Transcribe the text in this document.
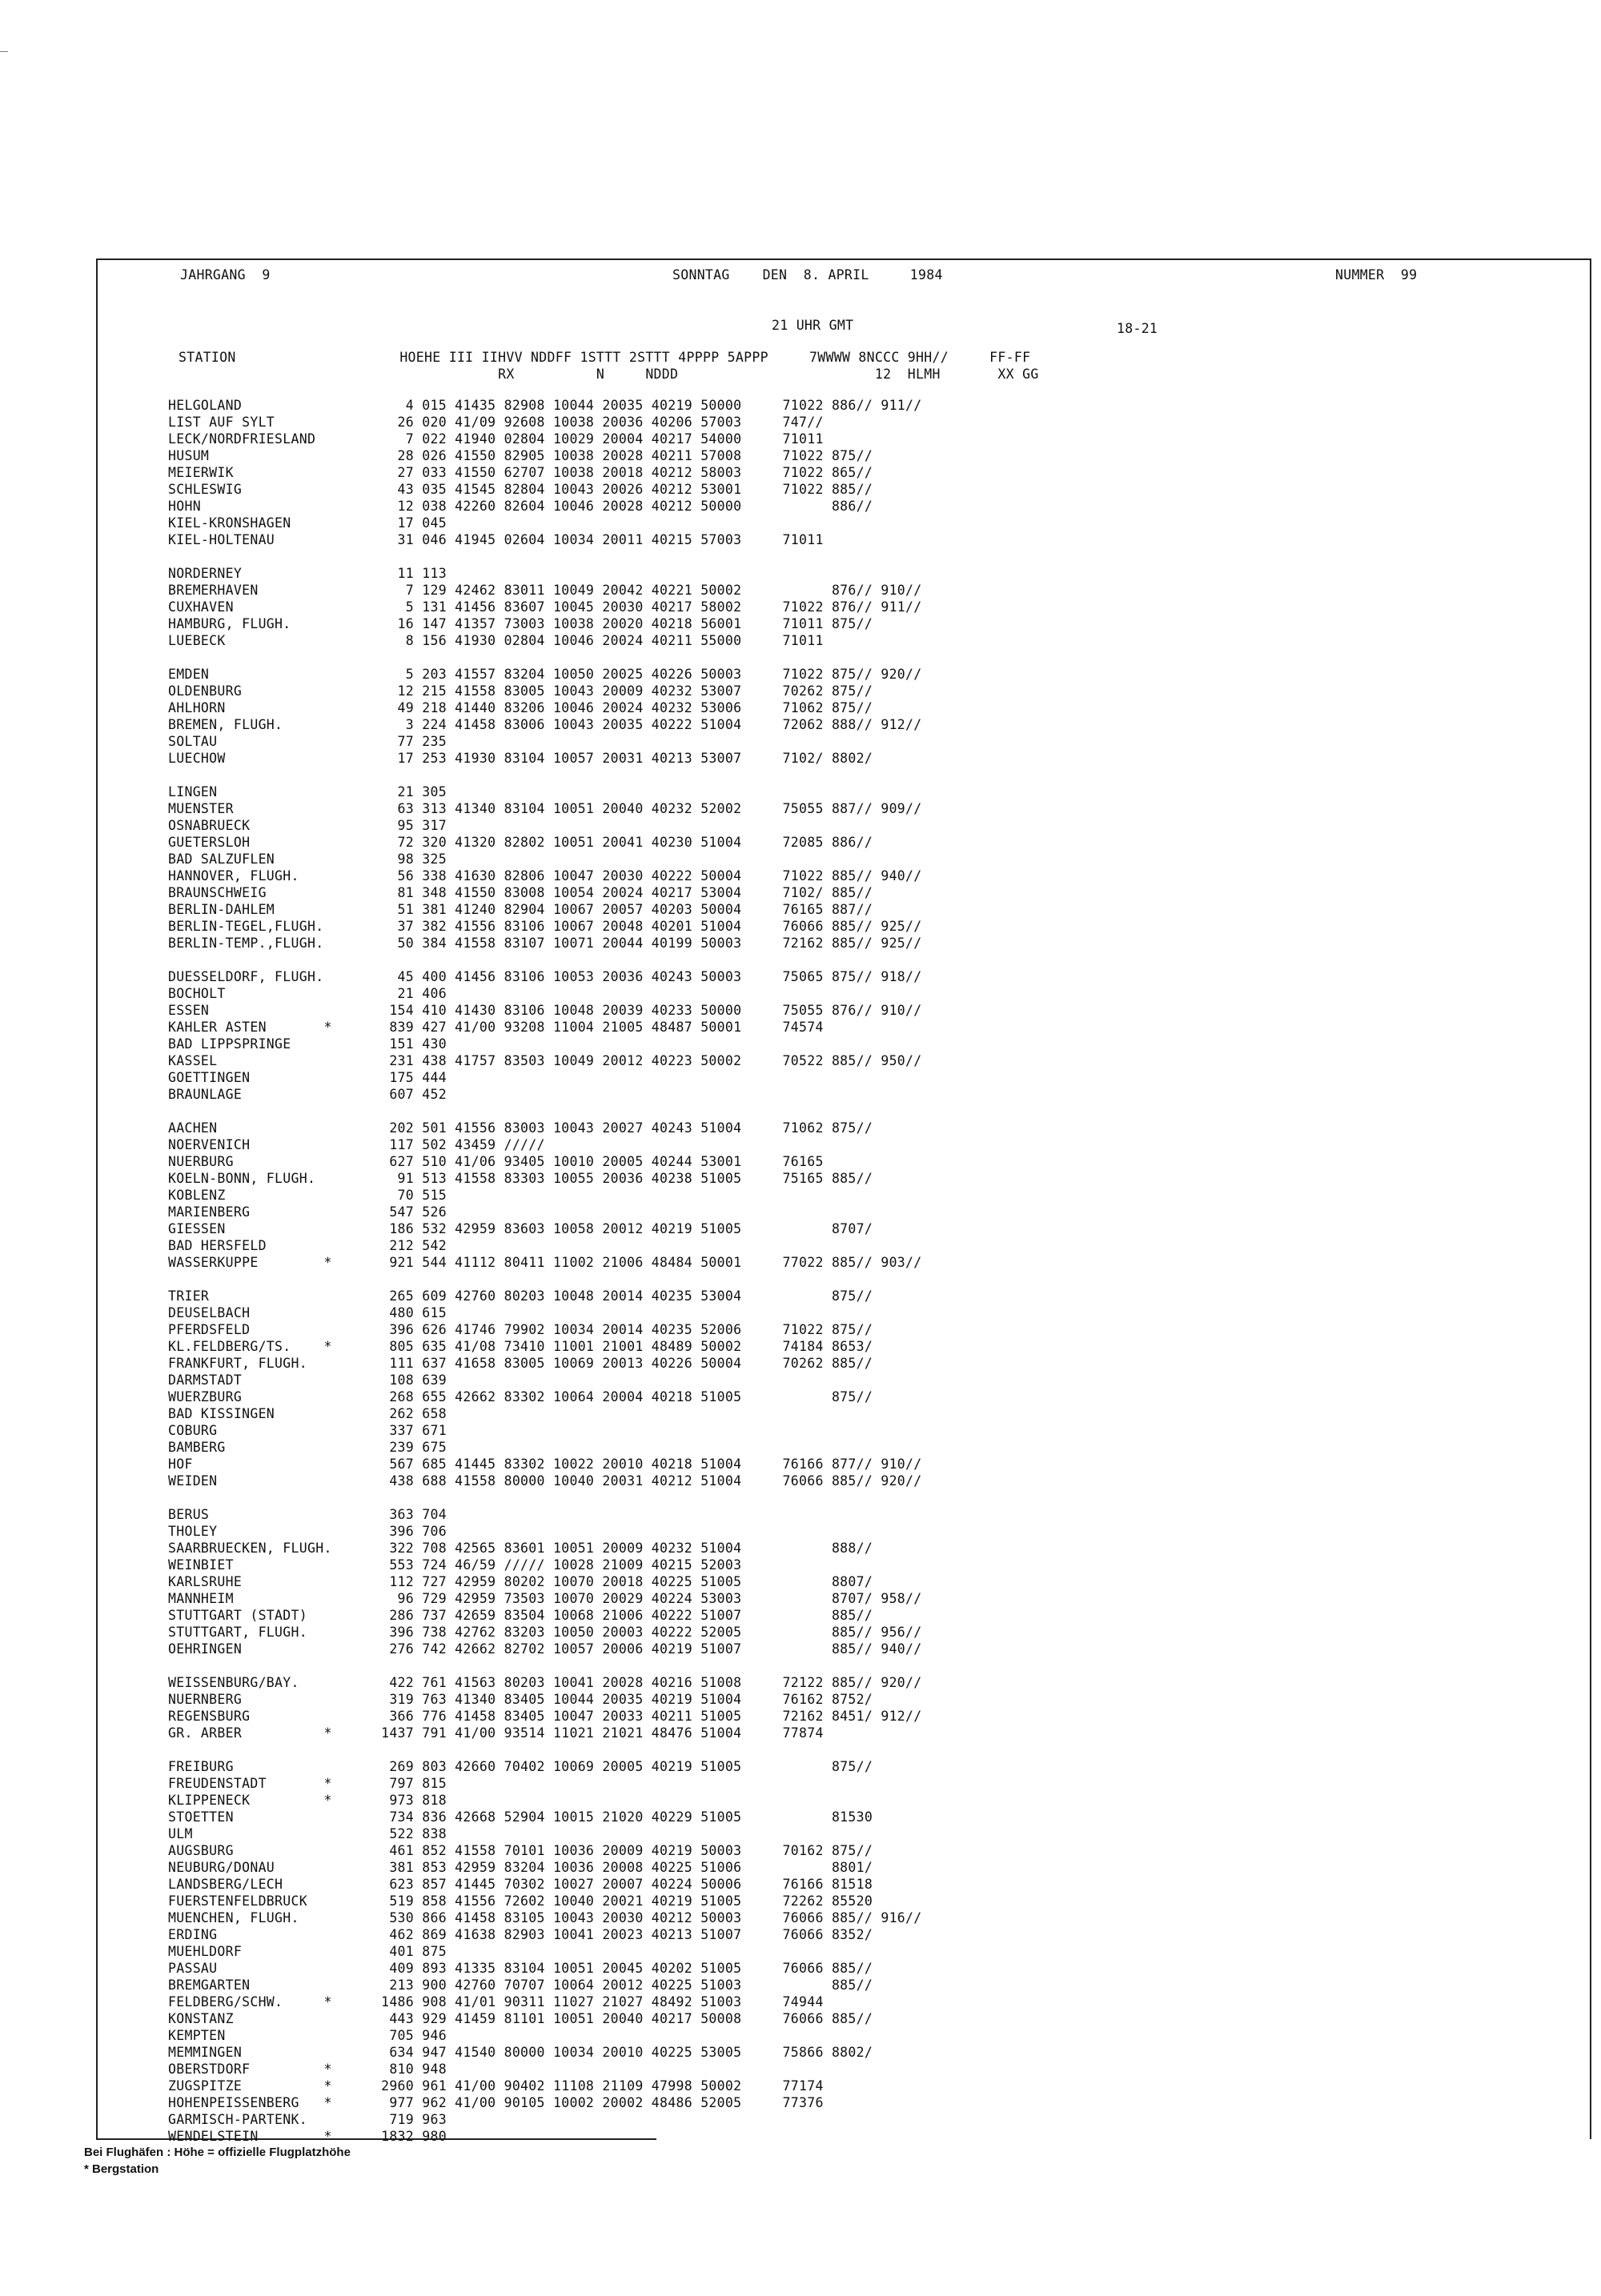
JAHRGANG  9	SONNTAG    DEN  8. APRIL     1984	NUMMER  99
21 UHR GMT	18-21
STATION                    HOEHE III IIHVV NDDFF 1STTT 2STTT 4PPPP 5APPP     7WWWW 8NCCC 9HH//     FF-FF
RX          N     NDDD                        12  HLMH       XX GG
HELGOLAND                    4 015 41435 82908 10044 20035 40219 50000     71022 886// 911//
LIST AUF SYLT               26 020 41/09 92608 10038 20036 40206 57003     747//
LECK/NORDFRIESLAND           7 022 41940 02804 10029 20004 40217 54000     71011
HUSUM                       28 026 41550 82905 10038 20028 40211 57008     71022 875//
MEIERWIK                    27 033 41550 62707 10038 20018 40212 58003     71022 865//
SCHLESWIG                   43 035 41545 82804 10043 20026 40212 53001     71022 885//
HOHN                        12 038 42260 82604 10046 20028 40212 50000           886//
KIEL-KRONSHAGEN             17 045
KIEL-HOLTENAU               31 046 41945 02604 10034 20011 40215 57003     71011
NORDERNEY                   11 113
BREMERHAVEN                  7 129 42462 83011 10049 20042 40221 50002           876// 910//
CUXHAVEN                     5 131 41456 83607 10045 20030 40217 58002     71022 876// 911//
HAMBURG, FLUGH.             16 147 41357 73003 10038 20020 40218 56001     71011 875//
LUEBECK                      8 156 41930 02804 10046 20024 40211 55000     71011
EMDEN                        5 203 41557 83204 10050 20025 40226 50003     71022 875// 920//
OLDENBURG                   12 215 41558 83005 10043 20009 40232 53007     70262 875//
AHLHORN                     49 218 41440 83206 10046 20024 40232 53006     71062 875//
BREMEN, FLUGH.               3 224 41458 83006 10043 20035 40222 51004     72062 888// 912//
SOLTAU                      77 235
LUECHOW                     17 253 41930 83104 10057 20031 40213 53007     7102/ 8802/
LINGEN                      21 305
MUENSTER                    63 313 41340 83104 10051 20040 40232 52002     75055 887// 909//
OSNABRUECK                  95 317
GUETERSLOH                  72 320 41320 82802 10051 20041 40230 51004     72085 886//
BAD SALZUFLEN               98 325
HANNOVER, FLUGH.            56 338 41630 82806 10047 20030 40222 50004     71022 885// 940//
BRAUNSCHWEIG                81 348 41550 83008 10054 20024 40217 53004     7102/ 885//
BERLIN-DAHLEM               51 381 41240 82904 10067 20057 40203 50004     76165 887//
BERLIN-TEGEL,FLUGH.         37 382 41556 83106 10067 20048 40201 51004     76066 885// 925//
BERLIN-TEMP.,FLUGH.         50 384 41558 83107 10071 20044 40199 50003     72162 885// 925//
DUESSELDORF, FLUGH.         45 400 41456 83106 10053 20036 40243 50003     75065 875// 918//
BOCHOLT                     21 406
ESSEN                      154 410 41430 83106 10048 20039 40233 50000     75055 876// 910//
KAHLER ASTEN       *       839 427 41/00 93208 11004 21005 48487 50001     74574
BAD LIPPSPRINGE            151 430
KASSEL                     231 438 41757 83503 10049 20012 40223 50002     70522 885// 950//
GOETTINGEN                 175 444
BRAUNLAGE                  607 452
AACHEN                     202 501 41556 83003 10043 20027 40243 51004     71062 875//
NOERVENICH                 117 502 43459 /////
NUERBURG                   627 510 41/06 93405 10010 20005 40244 53001     76165
KOELN-BONN, FLUGH.          91 513 41558 83303 10055 20036 40238 51005     75165 885//
KOBLENZ                     70 515
MARIENBERG                 547 526
GIESSEN                    186 532 42959 83603 10058 20012 40219 51005           8707/
BAD HERSFELD               212 542
WASSERKUPPE        *       921 544 41112 80411 11002 21006 48484 50001     77022 885// 903//
TRIER                      265 609 42760 80203 10048 20014 40235 53004           875//
DEUSELBACH                 480 615
PFERDSFELD                 396 626 41746 79902 10034 20014 40235 52006     71022 875//
KL.FELDBERG/TS.    *       805 635 41/08 73410 11001 21001 48489 50002     74184 8653/
FRANKFURT, FLUGH.          111 637 41658 83005 10069 20013 40226 50004     70262 885//
DARMSTADT                  108 639
WUERZBURG                  268 655 42662 83302 10064 20004 40218 51005           875//
BAD KISSINGEN              262 658
COBURG                     337 671
BAMBERG                    239 675
HOF                        567 685 41445 83302 10022 20010 40218 51004     76166 877// 910//
WEIDEN                     438 688 41558 80000 10040 20031 40212 51004     76066 885// 920//
BERUS                      363 704
THOLEY                     396 706
SAARBRUECKEN, FLUGH.       322 708 42565 83601 10051 20009 40232 51004           888//
WEINBIET                   553 724 46/59 ///// 10028 21009 40215 52003
KARLSRUHE                  112 727 42959 80202 10070 20018 40225 51005           8807/
MANNHEIM                    96 729 42959 73503 10070 20029 40224 53003           8707/ 958//
STUTTGART (STADT)          286 737 42659 83504 10068 21006 40222 51007           885//
STUTTGART, FLUGH.          396 738 42762 83203 10050 20003 40222 52005           885// 956//
OEHRINGEN                  276 742 42662 82702 10057 20006 40219 51007           885// 940//
WEISSENBURG/BAY.           422 761 41563 80203 10041 20028 40216 51008     72122 885// 920//
NUERNBERG                  319 763 41340 83405 10044 20035 40219 51004     76162 8752/
REGENSBURG                 366 776 41458 83405 10047 20033 40211 51005     72162 8451/ 912//
GR. ARBER          *      1437 791 41/00 93514 11021 21021 48476 51004     77874
FREIBURG                   269 803 42660 70402 10069 20005 40219 51005           875//
FREUDENSTADT       *       797 815
KLIPPENECK         *       973 818
STOETTEN                   734 836 42668 52904 10015 21020 40229 51005           81530
ULM                        522 838
AUGSBURG                   461 852 41558 70101 10036 20009 40219 50003     70162 875//
NEUBURG/DONAU              381 853 42959 83204 10036 20008 40225 51006           8801/
LANDSBERG/LECH             623 857 41445 70302 10027 20007 40224 50006     76166 81518
FUERSTENFELDBRUCK          519 858 41556 72602 10040 20021 40219 51005     72262 85520
MUENCHEN, FLUGH.           530 866 41458 83105 10043 20030 40212 50003     76066 885// 916//
ERDING                     462 869 41638 82903 10041 20023 40213 51007     76066 8352/
MUEHLDORF                  401 875
PASSAU                     409 893 41335 83104 10051 20045 40202 51005     76066 885//
BREMGARTEN                 213 900 42760 70707 10064 20012 40225 51003           885//
FELDBERG/SCHW.     *      1486 908 41/01 90311 11027 21027 48492 51003     74944
KONSTANZ                   443 929 41459 81101 10051 20040 40217 50008     76066 885//
KEMPTEN                    705 946
MEMMINGEN                  634 947 41540 80000 10034 20010 40225 53005     75866 8802/
OBERSTDORF         *       810 948
ZUGSPITZE          *      2960 961 41/00 90402 11108 21109 47998 50002     77174
HOHENPEISSENBERG   *       977 962 41/00 90105 10002 20002 48486 52005     77376
GARMISCH-PARTENK.          719 963
WENDELSTEIN        *      1832 980
Bei Flughäfen : Höhe = offizielle Flugplatzhöhe
* Bergstation
